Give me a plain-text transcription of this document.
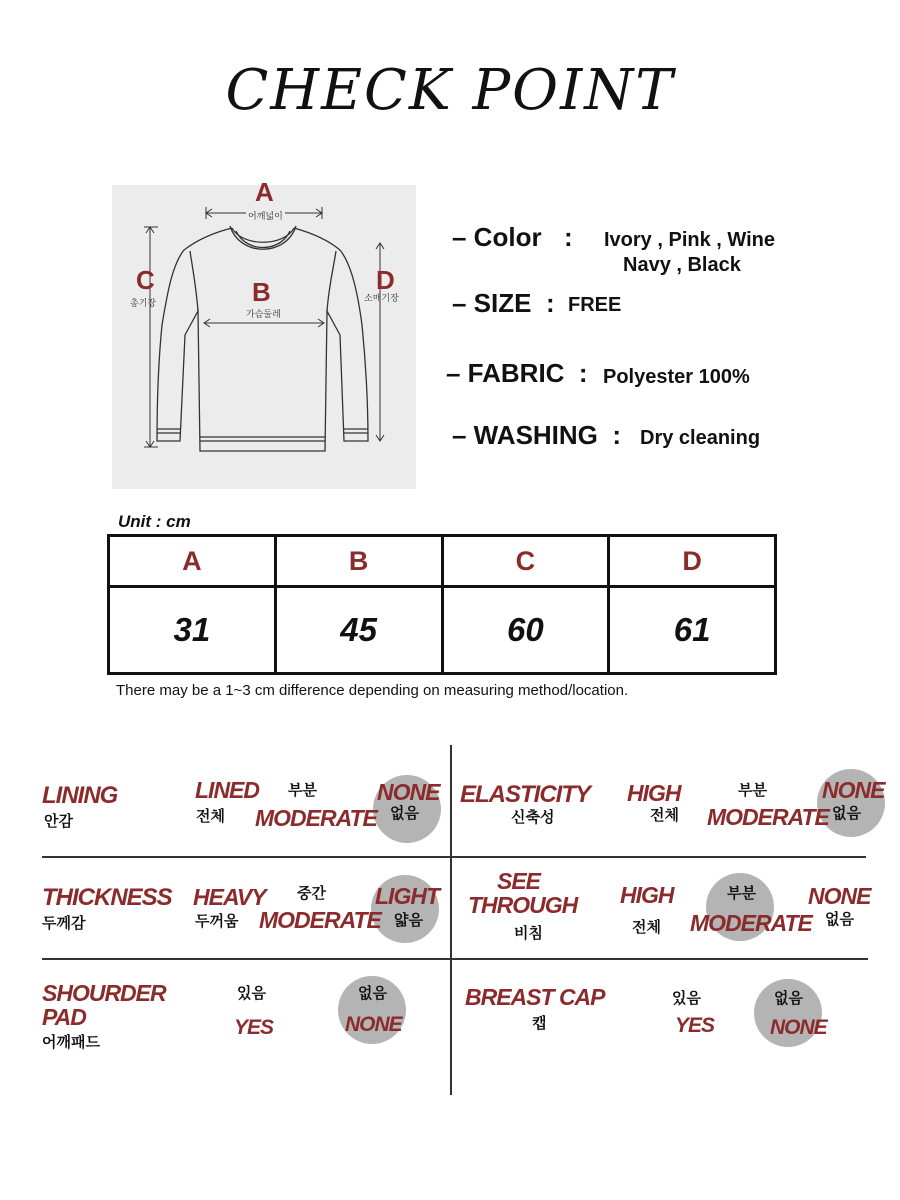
CHECK POINT
A
어깨넓이
B
가슴둘레
C
총기장
D
소매기장
– Color : Ivory , Pink , Wine
Navy , Black
– SIZE : FREE
– FABRIC : Polyester 100%
– WASHING : Dry cleaning
Unit : cm
A	B	C	D
31	45	60	61
There may be a 1~3 cm difference depending on measuring method/location.
LINING
안감
LINED
전체
부분
MODERATE
NONE
없음
ELASTICITY
신축성
HIGH
전체
부분
MODERATE
NONE
없음
THICKNESS
두께감
HEAVY
두꺼움
중간
MODERATE
LIGHT
얇음
SEE
THROUGH
비침
HIGH
전체
부분
MODERATE
NONE
없음
SHOURDER
PAD
어깨패드
있음
YES
없음
NONE
BREAST CAP
캡
있음
YES
없음
NONE
